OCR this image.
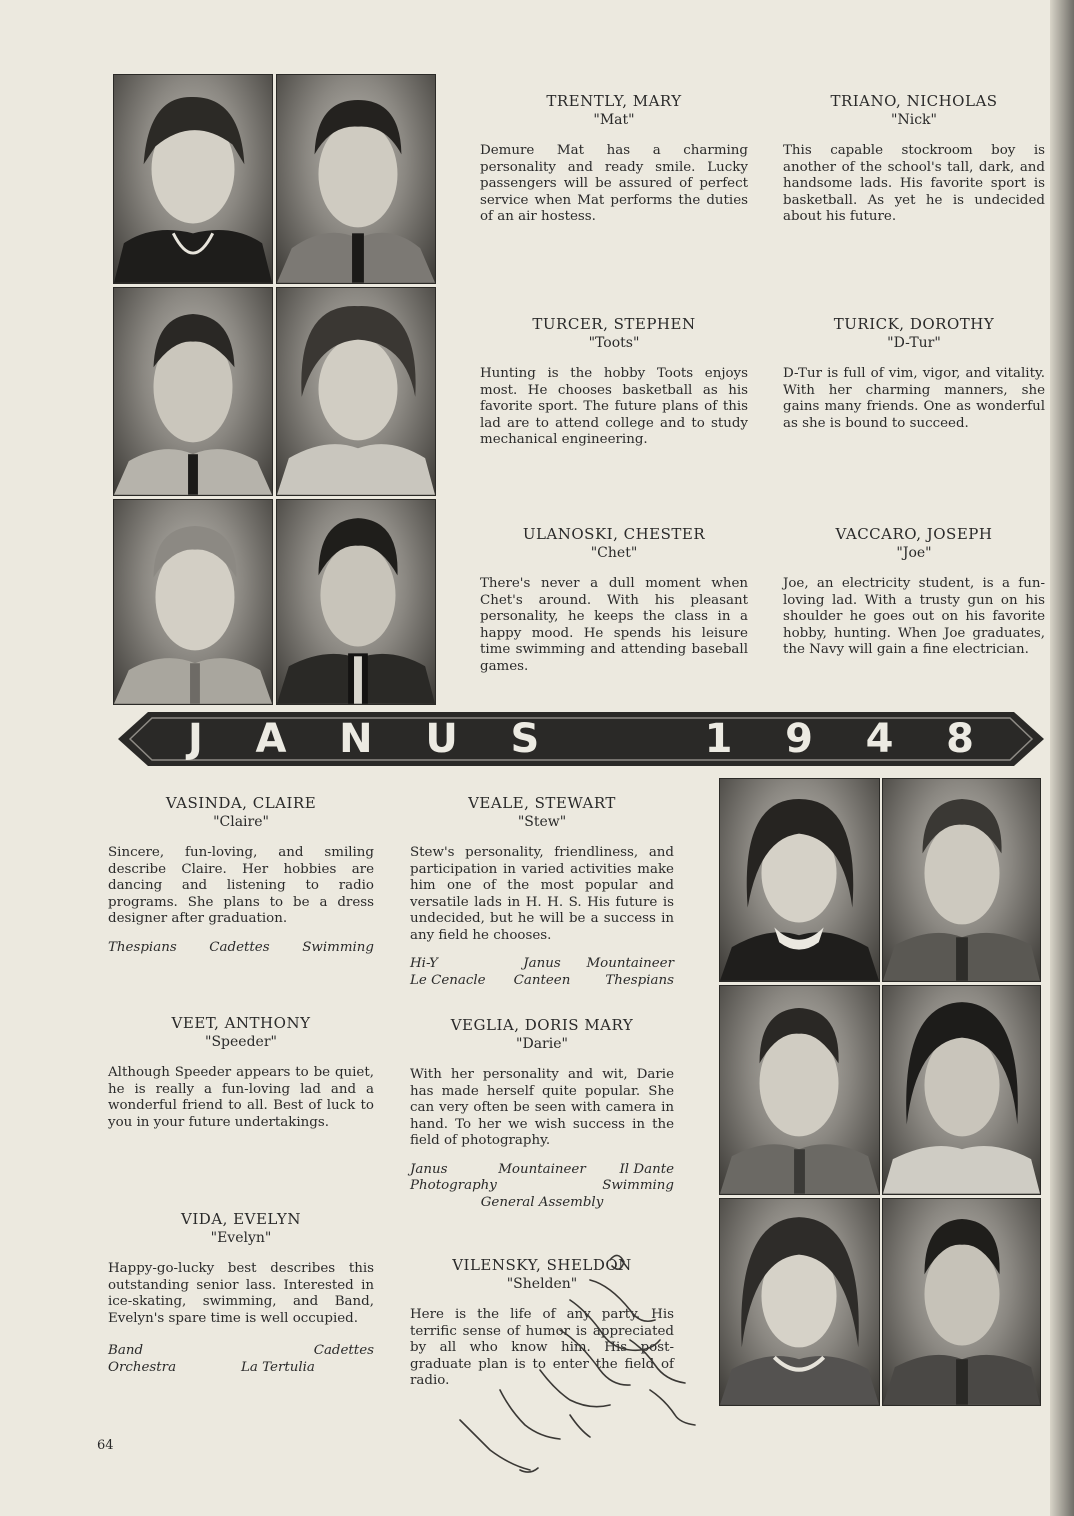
TRENTLY, MARY
"Mat"
Demure Mat has a charming personality and ready smile. Lucky passengers will be assured of perfect service when Mat performs the duties of an air hostess.
TRIANO, NICHOLAS
"Nick"
This capable stockroom boy is another of the school's tall, dark, and handsome lads. His favorite sport is basketball. As yet he is undecided about his future.
TURCER, STEPHEN
"Toots"
Hunting is the hobby Toots enjoys most. He chooses basketball as his favorite sport. The future plans of this lad are to attend college and to study mechanical engineering.
TURICK, DOROTHY
"D-Tur"
D-Tur is full of vim, vigor, and vitality. With her charming manners, she gains many friends. One as wonderful as she is bound to succeed.
ULANOSKI, CHESTER
"Chet"
There's never a dull moment when Chet's around. With his pleasant personality, he keeps the class in a happy mood. He spends his leisure time swimming and attending baseball games.
VACCARO, JOSEPH
"Joe"
Joe, an electricity student, is a fun-loving lad. With a trusty gun on his shoulder he goes out on his favorite hobby, hunting. When Joe graduates, the Navy will gain a fine electrician.
J A N U S	1 9 4 8
VASINDA, CLAIRE
"Claire"
Sincere, fun-loving, and smiling describe Claire. Her hobbies are dancing and listening to radio programs. She plans to be a dress designer after graduation.
Thespians Cadettes Swimming
VEALE, STEWART
"Stew"
Stew's personality, friendliness, and participation in varied activities make him one of the most popular and versatile lads in H. H. S. His future is undecided, but he will be a success in any field he chooses.
Hi-Y	Janus	Mountaineer
Le Cenacle	Canteen	Thespians
VEET, ANTHONY
"Speeder"
Although Speeder appears to be quiet, he is really a fun-loving lad and a wonderful friend to all. Best of luck to you in your future undertakings.
VEGLIA, DORIS MARY
"Darie"
With her personality and wit, Darie has made herself quite popular. She can very often be seen with camera in hand. To her we wish success in the field of photography.
Janus	Mountaineer	Il Dante
Photography	Swimming
General Assembly
VIDA, EVELYN
"Evelyn"
Happy-go-lucky best describes this outstanding senior lass. Interested in ice-skating, swimming, and Band, Evelyn's spare time is well occupied.
Band	Cadettes
Orchestra	La Tertulia
VILENSKY, SHELDON
"Shelden"
Here is the life of any party. His terrific sense of humor is appreciated by all who know him. His post-graduate plan is to enter the field of radio.
64
